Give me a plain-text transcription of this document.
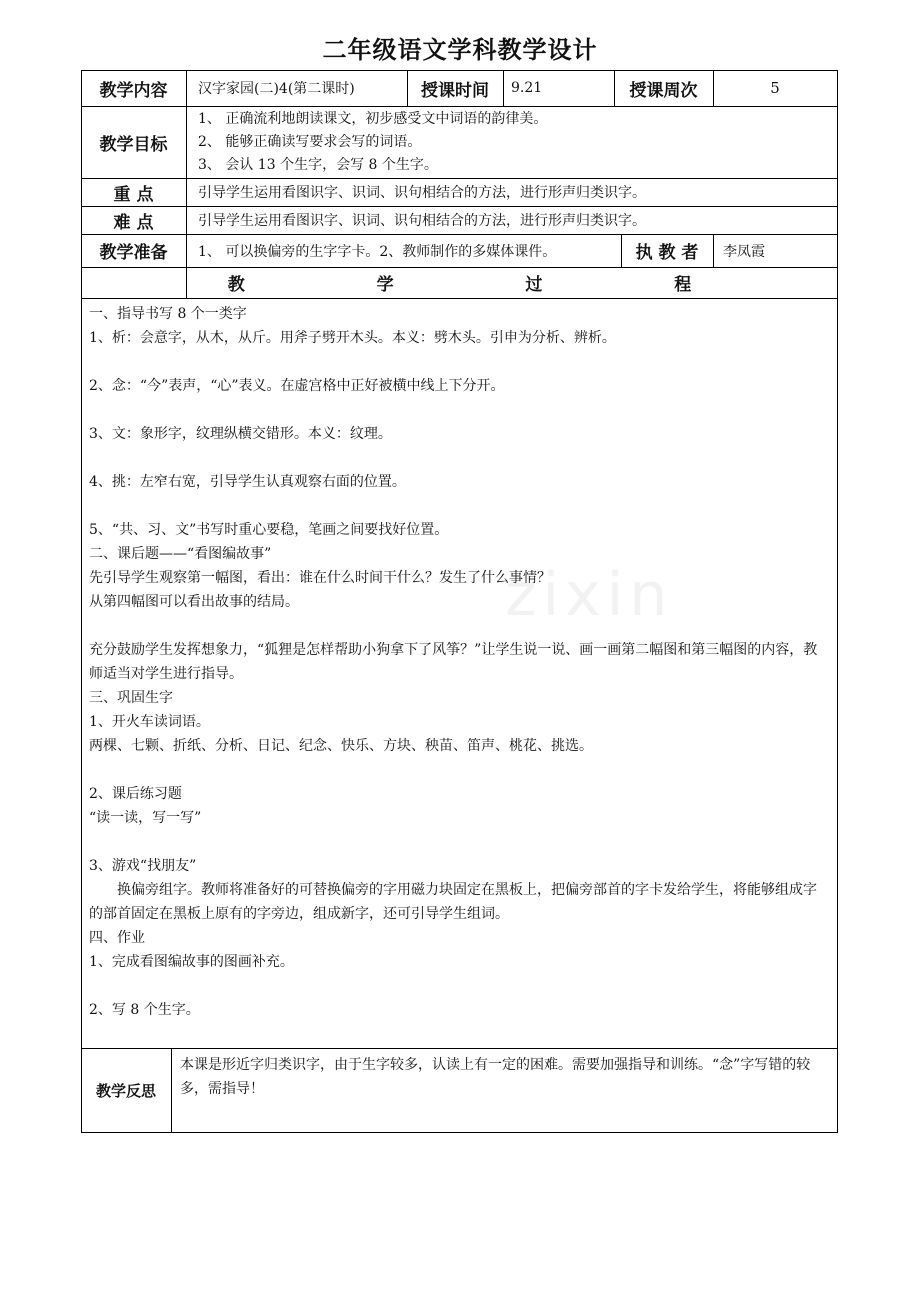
二年级语文学科教学设计
教学内容	汉字家园(二)4(第二课时)	授课时间	9.21	授课周次	5
教学目标
1、 正确流利地朗读课文，初步感受文中词语的韵律美。
2、 能够正确读写要求会写的词语。
3、 会认 13 个生字，会写 8 个生字。
重 点	引导学生运用看图识字、识词、识句相结合的方法，进行形声归类识字。
难 点	引导学生运用看图识字、识词、识句相结合的方法，进行形声归类识字。
教学准备	1、 可以换偏旁的生字字卡。2、教师制作的多媒体课件。	执 教 者	李凤霞
教  学  过  程

一、指导书写 8 个一类字

1、析：会意字，从木，从斤。用斧子劈开木头。本义：劈木头。引申为分析、辨析。

2、念：“今”表声，“心”表义。在虚宫格中正好被横中线上下分开。

3、文：象形字，纹理纵横交错形。本义：纹理。

4、挑：左窄右宽，引导学生认真观察右面的位置。

5、“共、习、文”书写时重心要稳，笔画之间要找好位置。

二、课后题——“看图编故事”

先引导学生观察第一幅图，看出：谁在什么时间干什么？发生了什么事情？

从第四幅图可以看出故事的结局。

充分鼓励学生发挥想象力，“狐狸是怎样帮助小狗拿下了风筝？”让学生说一说、画一画第二幅图和第三幅图的内容，教师适当对学生进行指导。

三、巩固生字

1、开火车读词语。

两棵、七颗、折纸、分析、日记、纪念、快乐、方块、秧苗、笛声、桃花、挑选。

2、课后练习题

“读一读，写一写”

3、游戏“找朋友”

　　换偏旁组字。教师将准备好的可替换偏旁的字用磁力块固定在黑板上，把偏旁部首的字卡发给学生，将能够组成字的部首固定在黑板上原有的字旁边，组成新字，还可引导学生组词。

四、作业

1、完成看图编故事的图画补充。

2、写 8 个生字。

教学反思
本课是形近字归类识字，由于生字较多，认读上有一定的困难。需要加强指导和训练。“念”字写错的较多，需指导！
zixin
